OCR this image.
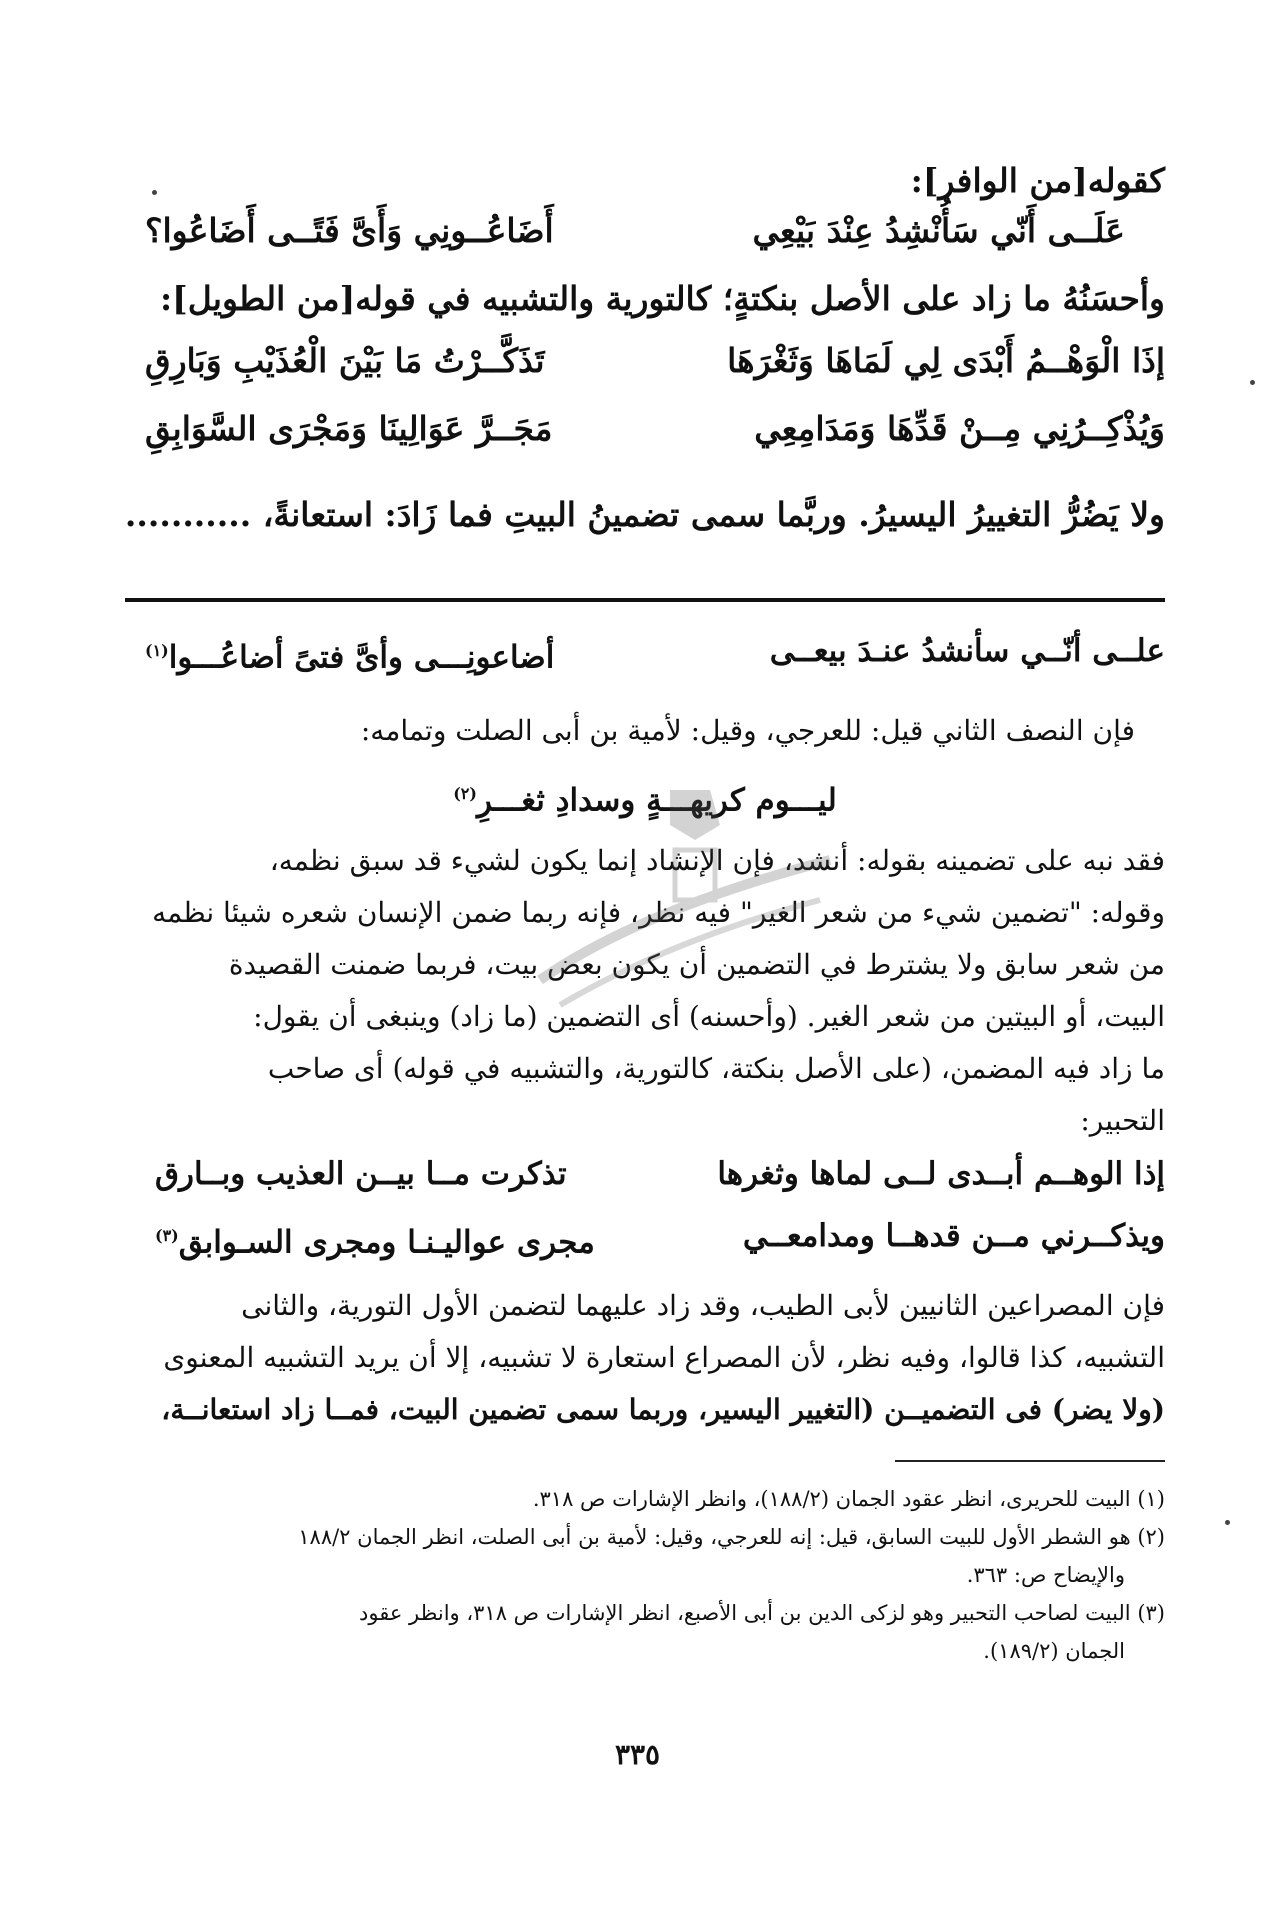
كقوله[من الوافر]:
عَلَــى أَنّي سَأُنْشِدُ عِنْدَ بَيْعِي
أَضَاعُــونِي وَأَىَّ فَتًــى أَضَاعُوا؟
وأحسَنُهُ ما زاد على الأصل بنكتةٍ؛ كالتورية والتشبيه في قوله[من الطويل]:
إذَا الْوَهْــمُ أَبْدَى لِي لَمَاهَا وَثَغْرَهَا
تَذَكَّــرْتُ مَا بَيْنَ الْعُذَيْبِ وَبَارِقِ
وَيُذْكِــرُنِي مِــنْ قَدِّهَا وَمَدَامِعِي
مَجَــرَّ عَوَالِينَا وَمَجْرَى السَّوَابِقِ
ولا يَضُرُّ التغييرُ اليسيرُ. وربَّما سمى تضمينُ البيتِ فما زَادَ: استعانةً، ...........
علــى أنّــي سأنشدُ عنـدَ بيعــى
أضاعونِـــى وأىَّ فتىً أضاعُـــوا$^{(١)}$
فإن النصف الثاني قيل: للعرجي، وقيل: لأمية بن أبى الصلت وتمامه:
ليـــوم كريهـــةٍ وسدادِ ثغـــرِ$^{(٢)}$
فقد نبه على تضمينه بقوله: أنشد، فإن الإنشاد إنما يكون لشيء قد سبق نظمه،
وقوله: "تضمين شيء من شعر الغير" فيه نظر، فإنه ربما ضمن الإنسان شعره شيئا نظمه
من شعر سابق ولا يشترط في التضمين أن يكون بعض بيت، فربما ضمنت القصيدة
البيت، أو البيتين من شعر الغير. (وأحسنه) أى التضمين (ما زاد) وينبغى أن يقول:
ما زاد فيه المضمن، (على الأصل بنكتة، كالتورية، والتشبيه في قوله) أى صاحب
التحبير:
إذا الوهــم أبــدى لــى لماها وثغرها
تذكرت مــا بيــن العذيب وبــارق
ويذكــرني مــن قدهــا ومدامعــي
مجرى عواليـنـا ومجرى السـوابق$^{(٣)}$
فإن المصراعين الثانيين لأبى الطيب، وقد زاد عليهما لتضمن الأول التورية، والثانى
التشبيه، كذا قالوا، وفيه نظر، لأن المصراع استعارة لا تشبيه، إلا أن يريد التشبيه المعنوى
(ولا يضر) فى التضميــن (التغيير اليسير، وربما سمى تضمين البيت، فمــا زاد استعانــة،
(١) البيت للحريرى، انظر عقود الجمان (١٨٨/٢)، وانظر الإشارات ص ٣١٨.
(٢) هو الشطر الأول للبيت السابق، قيل: إنه للعرجي، وقيل: لأمية بن أبى الصلت، انظر الجمان ١٨٨/٢
والإيضاح ص: ٣٦٣.
(٣) البيت لصاحب التحبير وهو لزكى الدين بن أبى الأصبع، انظر الإشارات ص ٣١٨، وانظر عقود
الجمان (١٨٩/٢).
٣٣٥
